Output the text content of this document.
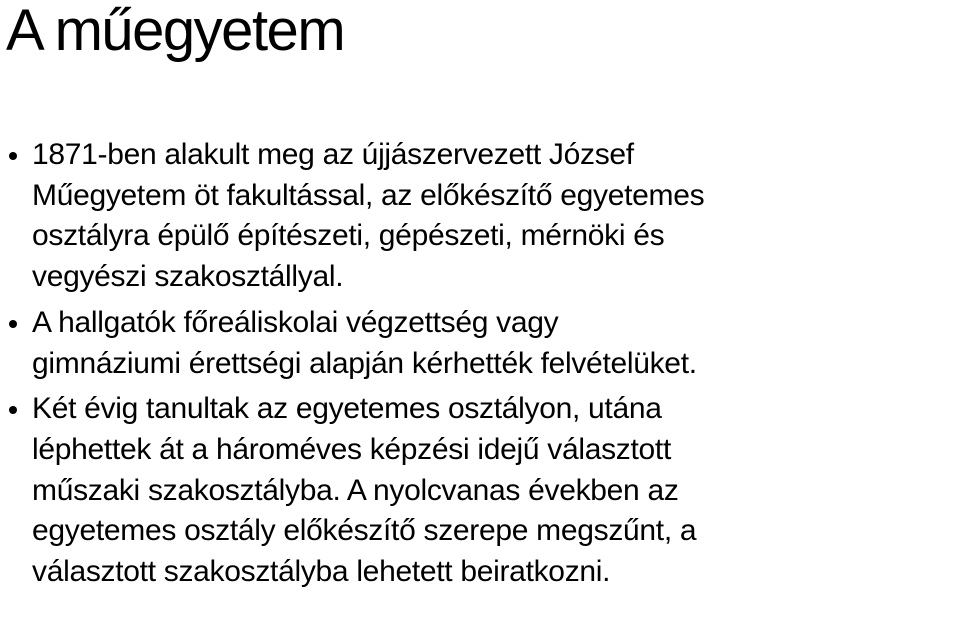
A műegyetem
1871-ben alakult meg az újjászervezett József
Műegyetem öt fakultással, az előkészítő egyetemes
osztályra épülő építészeti, gépészeti, mérnöki és
vegyészi szakosztállyal.
A hallgatók főreáliskolai végzettség vagy
gimnáziumi érettségi alapján kérhették felvételüket.
Két évig tanultak az egyetemes osztályon, utána
léphettek át a hároméves képzési idejű választott
műszaki szakosztályba. A nyolcvanas években az
egyetemes osztály előkészítő szerepe megszűnt, a
választott szakosztályba lehetett beiratkozni.
